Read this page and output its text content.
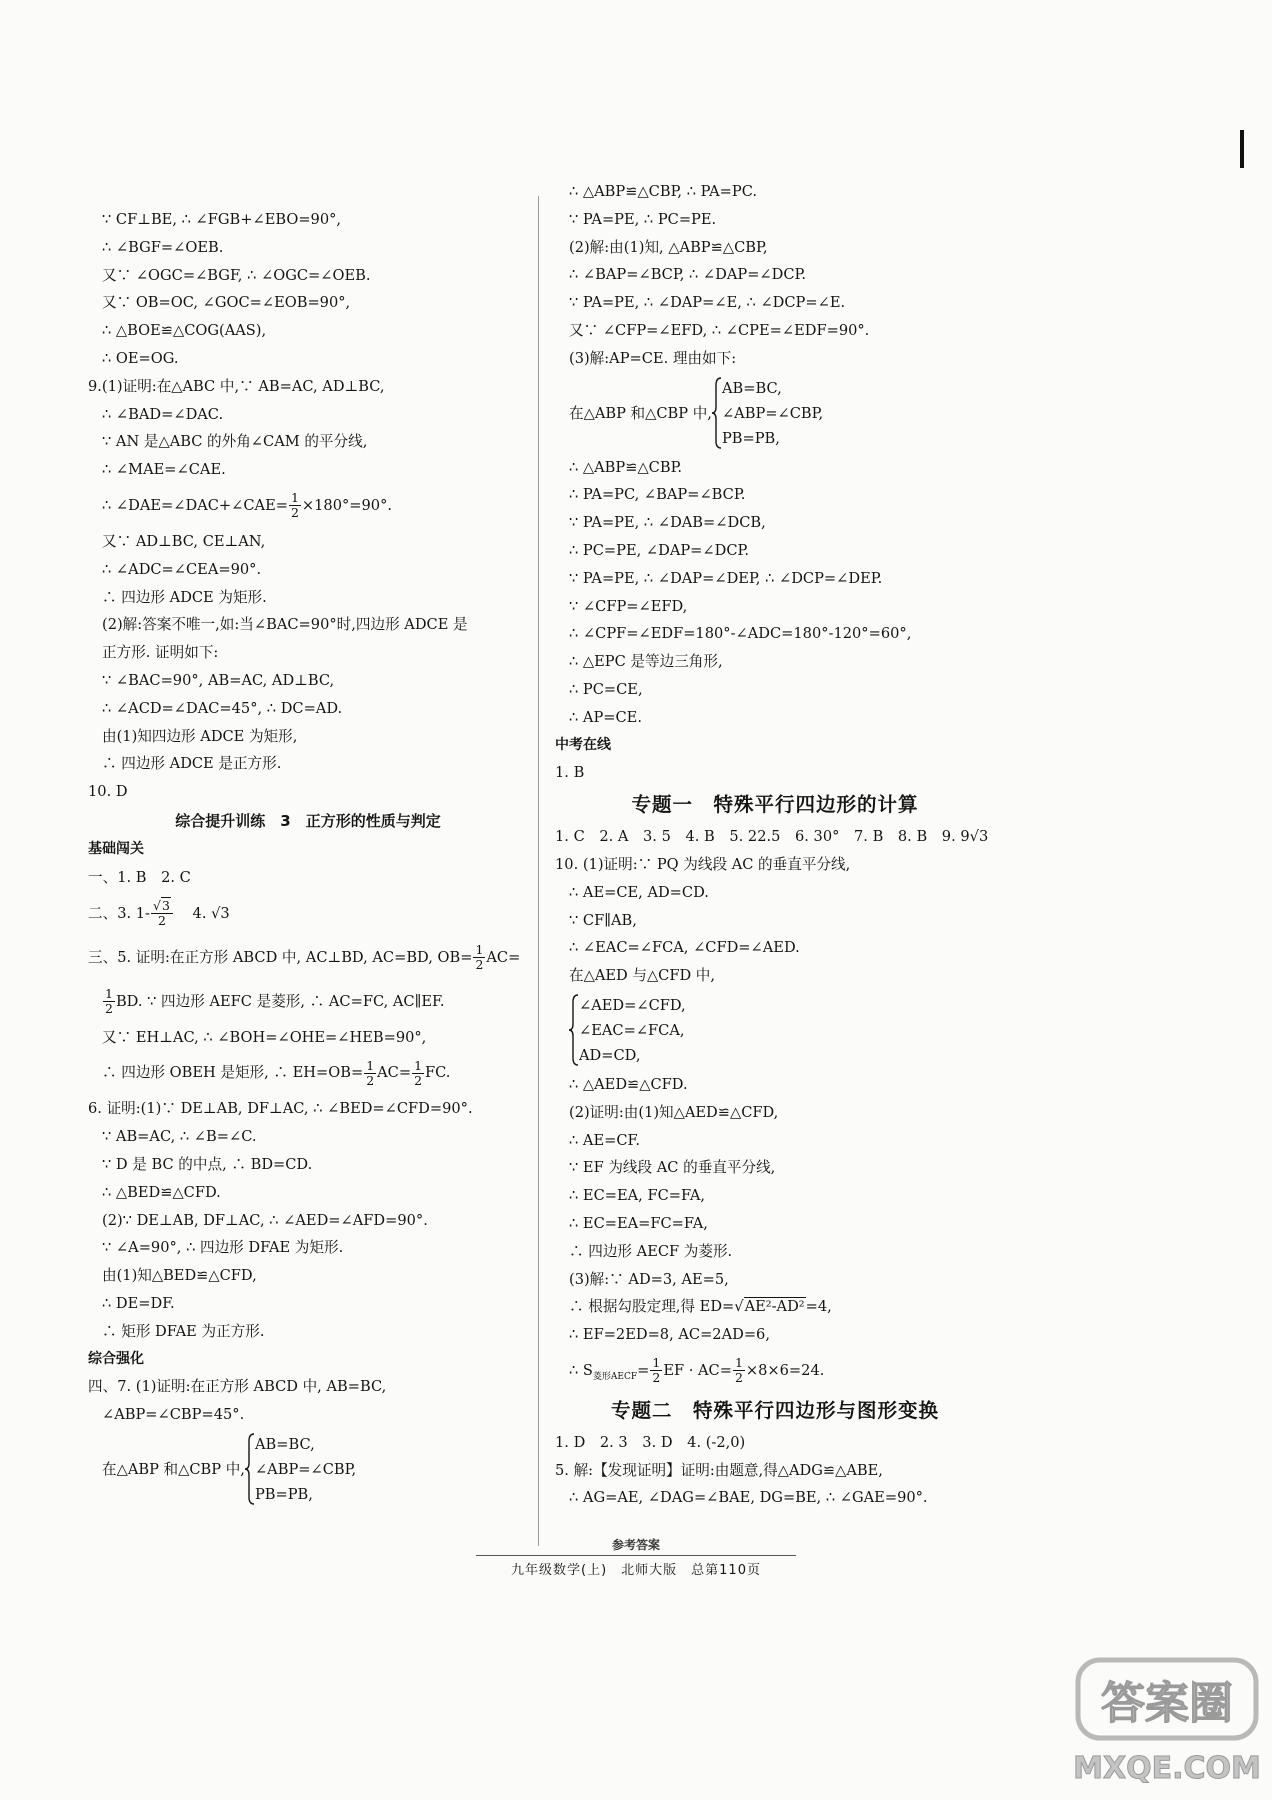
∵ CF⊥BE, ∴ ∠FGB+∠EBO=90°,
∴ ∠BGF=∠OEB.
又∵ ∠OGC=∠BGF, ∴ ∠OGC=∠OEB.
又∵ OB=OC, ∠GOC=∠EOB=90°,
∴ △BOE≌△COG(AAS),
∴ OE=OG.
9.(1)证明:在△ABC 中,∵ AB=AC, AD⊥BC,
∴ ∠BAD=∠DAC.
∵ AN 是△ABC 的外角∠CAM 的平分线,
∴ ∠MAE=∠CAE.
∴ ∠DAE=∠DAC+∠CAE= $\frac{1}{2} \times 180^\circ=90^\circ$.
又∵ AD⊥BC, CE⊥AN,
∴ ∠ADC=∠CEA=90°.
∴ 四边形 ADCE 为矩形.
(2)解:答案不唯一,如:当∠BAC=90°时,四边形 ADCE 是
正方形. 证明如下:
∵ ∠BAC=90°, AB=AC, AD⊥BC,
∴ ∠ACD=∠DAC=45°, ∴ DC=AD.
由(1)知四边形 ADCE 为矩形,
∴ 四边形 ADCE 是正方形.
10. D
综合提升训练　3　正方形的性质与判定
基础闯关
一、1. B　2. C
二、3. $1- \frac{√3}{2} 4$. √3
三、5. 证明:在正方形 ABCD 中, AC⊥BD, AC=BD, $OB= \frac{1}{2} AC=$
$\frac{1}{2}$ BD. ∵ 四边形 AEFC 是菱形, ∴ AC=FC, AC∥EF.
又∵ EH⊥AC, ∴ ∠BOH=∠OHE=∠HEB=90°,
∴ 四边形 OBEH 是矩形, ∴ $EH=OB= \frac{1}{2} AC= \frac{1}{2}$ FC.
6. 证明:(1)∵ DE⊥AB, DF⊥AC, ∴ ∠BED=∠CFD=90°.
∵ AB=AC, ∴ ∠B=∠C.
∵ D 是 BC 的中点, ∴ BD=CD.
∴ △BED≌△CFD.
(2)∵ DE⊥AB, DF⊥AC, ∴ ∠AED=∠AFD=90°.
∵ ∠A=90°, ∴ 四边形 DFAE 为矩形.
由(1)知△BED≌△CFD,
∴ DE=DF.
∴ 矩形 DFAE 为正方形.
综合强化
四、7. (1)证明:在正方形 ABCD 中, AB=BC,
∠ABP=∠CBP=45°.
在△ABP 和△CBP 中,
AB=BC,
∠ABP=∠CBP,
PB=PB,
∴ △ABP≌△CBP, ∴ PA=PC.
∵ PA=PE, ∴ PC=PE.
(2)解:由(1)知, △ABP≌△CBP,
∴ ∠BAP=∠BCP, ∴ ∠DAP=∠DCP.
∵ PA=PE, ∴ ∠DAP=∠E, ∴ ∠DCP=∠E.
又∵ ∠CFP=∠EFD, ∴ ∠CPE=∠EDF=90°.
(3)解:AP=CE. 理由如下:
在△ABP 和△CBP 中,
AB=BC,
∠ABP=∠CBP,
PB=PB,
∴ △ABP≌△CBP.
∴ PA=PC, ∠BAP=∠BCP.
∵ PA=PE, ∴ ∠DAB=∠DCB,
∴ PC=PE, ∠DAP=∠DCP.
∵ PA=PE, ∴ ∠DAP=∠DEP, ∴ ∠DCP=∠DEP.
∵ ∠CFP=∠EFD,
∴ ∠CPF=∠EDF=180°-∠ADC=180°-120°=60°,
∴ △EPC 是等边三角形,
∴ PC=CE,
∴ AP=CE.
中考在线
1. B
专题一　特殊平行四边形的计算
1. C　2. A　3. 5　4. B　5. 22.5　6. 30°　7. B　8. B　9. 9√3
10. (1)证明:∵ PQ 为线段 AC 的垂直平分线,
∴ AE=CE, AD=CD.
∵ CF∥AB,
∴ ∠EAC=∠FCA, ∠CFD=∠AED.
在△AED 与△CFD 中,
∠AED=∠CFD,
∠EAC=∠FCA,
AD=CD,
∴ △AED≌△CFD.
(2)证明:由(1)知△AED≌△CFD,
∴ AE=CF.
∵ EF 为线段 AC 的垂直平分线,
∴ EC=EA, FC=FA,
∴ EC=EA=FC=FA,
∴ 四边形 AECF 为菱形.
(3)解:∵ AD=3, AE=5,
∴ 根据勾股定理,得 ED=√AE²-AD²=4,
∴ EF=2ED=8, AC=2AD=6,
∴ $S_{菱形AECF}= \frac{1}{2}$ EF · $AC= \frac{1}{2} \times 8\times 6=24$.
专题二　特殊平行四边形与图形变换
1. D　2. 3　3. D　4. (-2,0)
5. 解:【发现证明】证明:由题意,得△ADG≌△ABE,
∴ AG=AE, ∠DAG=∠BAE, DG=BE, ∴ ∠GAE=90°.
参考答案
九年级数学(上)　北师大版　总第110页
答案圈
MXQE.COM
